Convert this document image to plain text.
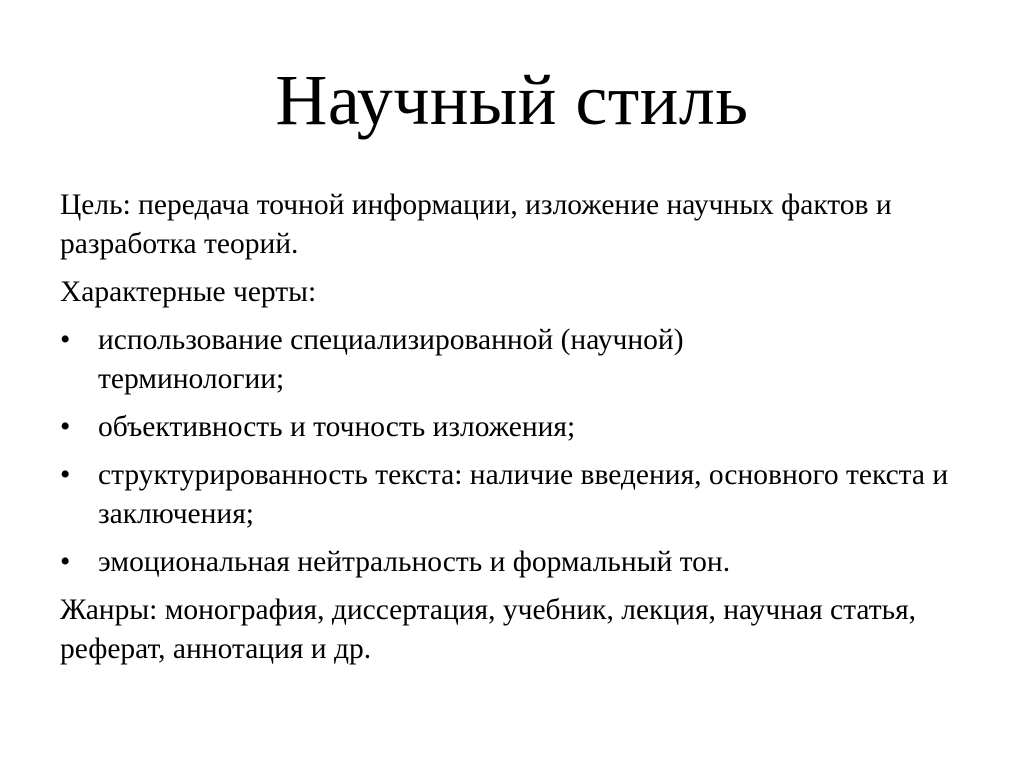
Научный стиль

Цель: передача точной информации, изложение научных фактов и разработка теорий.

Характерные черты:

• использование специализированной (научной) терминологии;
• объективность и точность изложения;
• структурированность текста: наличие введения, основного текста и заключения;
• эмоциональная нейтральность и формальный тон.

Жанры: монография, диссертация, учебник, лекция, научная статья, реферат, аннотация и др.
